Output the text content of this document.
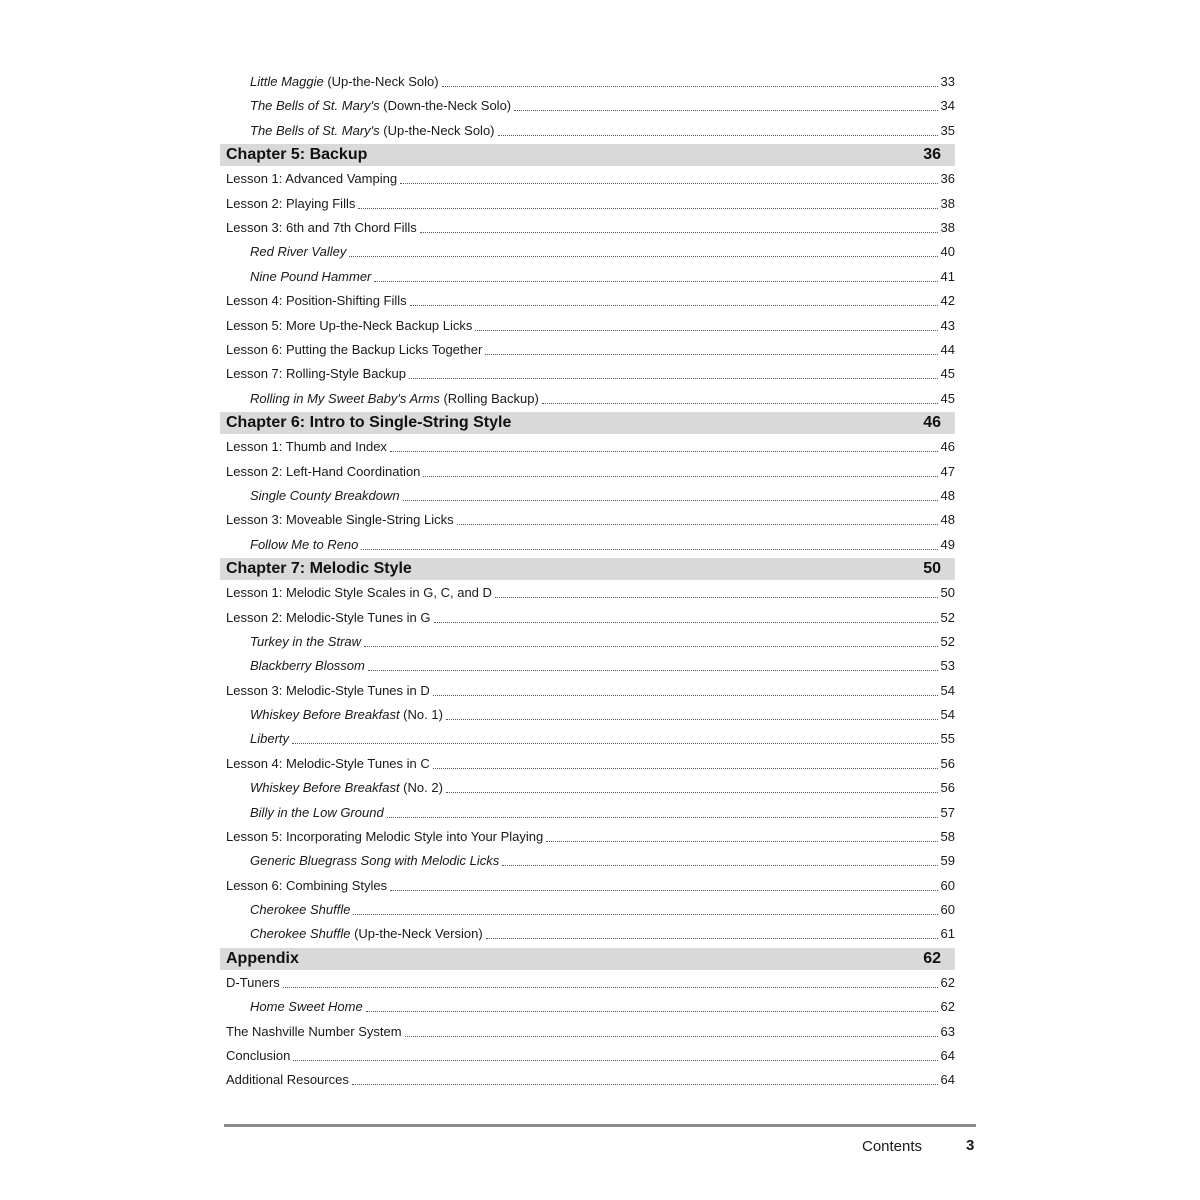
Little Maggie (Up-the-Neck Solo)	33
The Bells of St. Mary's (Down-the-Neck Solo)	34
The Bells of St. Mary's (Up-the-Neck Solo)	35
Chapter 5: Backup	36
Lesson 1: Advanced Vamping	36
Lesson 2: Playing Fills	38
Lesson 3: 6th and 7th Chord Fills	38
Red River Valley	40
Nine Pound Hammer	41
Lesson 4: Position-Shifting Fills	42
Lesson 5: More Up-the-Neck Backup Licks	43
Lesson 6: Putting the Backup Licks Together	44
Lesson 7: Rolling-Style Backup	45
Rolling in My Sweet Baby's Arms (Rolling Backup)	45
Chapter 6: Intro to Single-String Style	46
Lesson 1: Thumb and Index	46
Lesson 2: Left-Hand Coordination	47
Single County Breakdown	48
Lesson 3: Moveable Single-String Licks	48
Follow Me to Reno	49
Chapter 7: Melodic Style	50
Lesson 1: Melodic Style Scales in G, C, and D	50
Lesson 2: Melodic-Style Tunes in G	52
Turkey in the Straw	52
Blackberry Blossom	53
Lesson 3: Melodic-Style Tunes in D	54
Whiskey Before Breakfast (No. 1)	54
Liberty	55
Lesson 4: Melodic-Style Tunes in C	56
Whiskey Before Breakfast (No. 2)	56
Billy in the Low Ground	57
Lesson 5: Incorporating Melodic Style into Your Playing	58
Generic Bluegrass Song with Melodic Licks	59
Lesson 6: Combining Styles	60
Cherokee Shuffle	60
Cherokee Shuffle (Up-the-Neck Version)	61
Appendix	62
D-Tuners	62
Home Sweet Home	62
The Nashville Number System	63
Conclusion	64
Additional Resources	64
Contents	3
